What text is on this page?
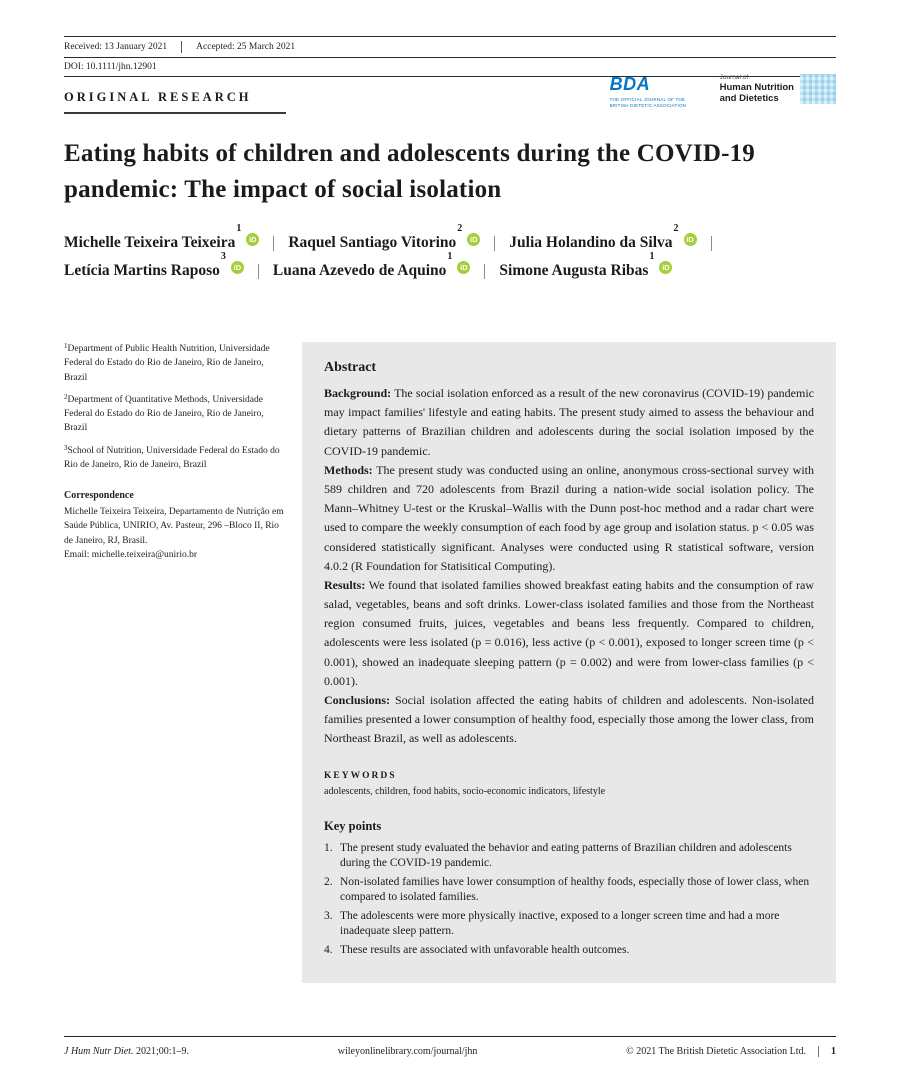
Received: 13 January 2021	Accepted: 25 March 2021
DOI: 10.1111/jhn.12901
ORIGINAL RESEARCH
BDA
THE OFFICIAL JOURNAL OF THE BRITISH DIETETIC ASSOCIATION
Journal of
Human Nutrition
and Dietetics
Eating habits of children and adolescents during the COVID-19 pandemic: The impact of social isolation
Michelle Teixeira Teixeira
1
iD Raquel Santiago Vitorino
2
iD Julia Holandino da Silva
2
iD
Letícia Martins Raposo
3
iD Luana Azevedo de Aquino
1
iD Simone Augusta Ribas
1
iD
$^1$Department of Public Health Nutrition, Universidade Federal do Estado do Rio de Janeiro, Rio de Janeiro, Brazil
$^2$Department of Quantitative Methods, Universidade Federal do Estado do Rio de Janeiro, Rio de Janeiro, Brazil
$^3$School of Nutrition, Universidade Federal do Estado do Rio de Janeiro, Rio de Janeiro, Brazil
Correspondence
Michelle Teixeira Teixeira, Departamento de Nutrição em Saúde Pública, UNIRIO, Av. Pasteur, 296 –Bloco II, Rio de Janeiro, RJ, Brasil.
Email: michelle.teixeira@unirio.br
Abstract

Background: The social isolation enforced as a result of the new coronavirus (COVID-19) pandemic may impact families' lifestyle and eating habits. The present study aimed to assess the behaviour and dietary patterns of Brazilian children and adolescents during the social isolation imposed by the COVID-19 pandemic.

Methods: The present study was conducted using an online, anonymous cross-sectional survey with 589 children and 720 adolescents from Brazil during a nation-wide social isolation policy. The Mann–Whitney U-test or the Kruskal–Wallis with the Dunn post-hoc method and a radar chart were used to compare the weekly consumption of each food by age group and isolation status. p < 0.05 was considered statistically significant. Analyses were conducted using R statistical software, version 4.0.2 (R Foundation for Statisitical Computing).

Results: We found that isolated families showed breakfast eating habits and the consumption of raw salad, vegetables, beans and soft drinks. Lower-class isolated families and those from the Northeast region consumed fruits, juices, vegetables and beans less frequently. Compared to children, adolescents were less isolated (p = 0.016), less active (p < 0.001), exposed to longer screen time (p < 0.001), showed an inadequate sleeping pattern (p = 0.002) and were from lower-class families (p < 0.001).

Conclusions: Social isolation affected the eating habits of children and adolescents. Non-isolated families presented a lower consumption of healthy food, especially those among the lower class, from Northeast Brazil, as well as adolescents.

KEYWORDS
adolescents, children, food habits, socio-economic indicators, lifestyle
Key points
1. The present study evaluated the behavior and eating patterns of Brazilian children and adolescents during the COVID-19 pandemic.
2. Non-isolated families have lower consumption of healthy foods, especially those of lower class, when compared to isolated families.
3. The adolescents were more physically inactive, exposed to a longer screen time and had a more inadequate sleep pattern.
4. These results are associated with unfavorable health outcomes.
J Hum Nutr Diet. 2021;00:1–9.	wileyonlinelibrary.com/journal/jhn	© 2021 The British Dietetic Association Ltd.	1
